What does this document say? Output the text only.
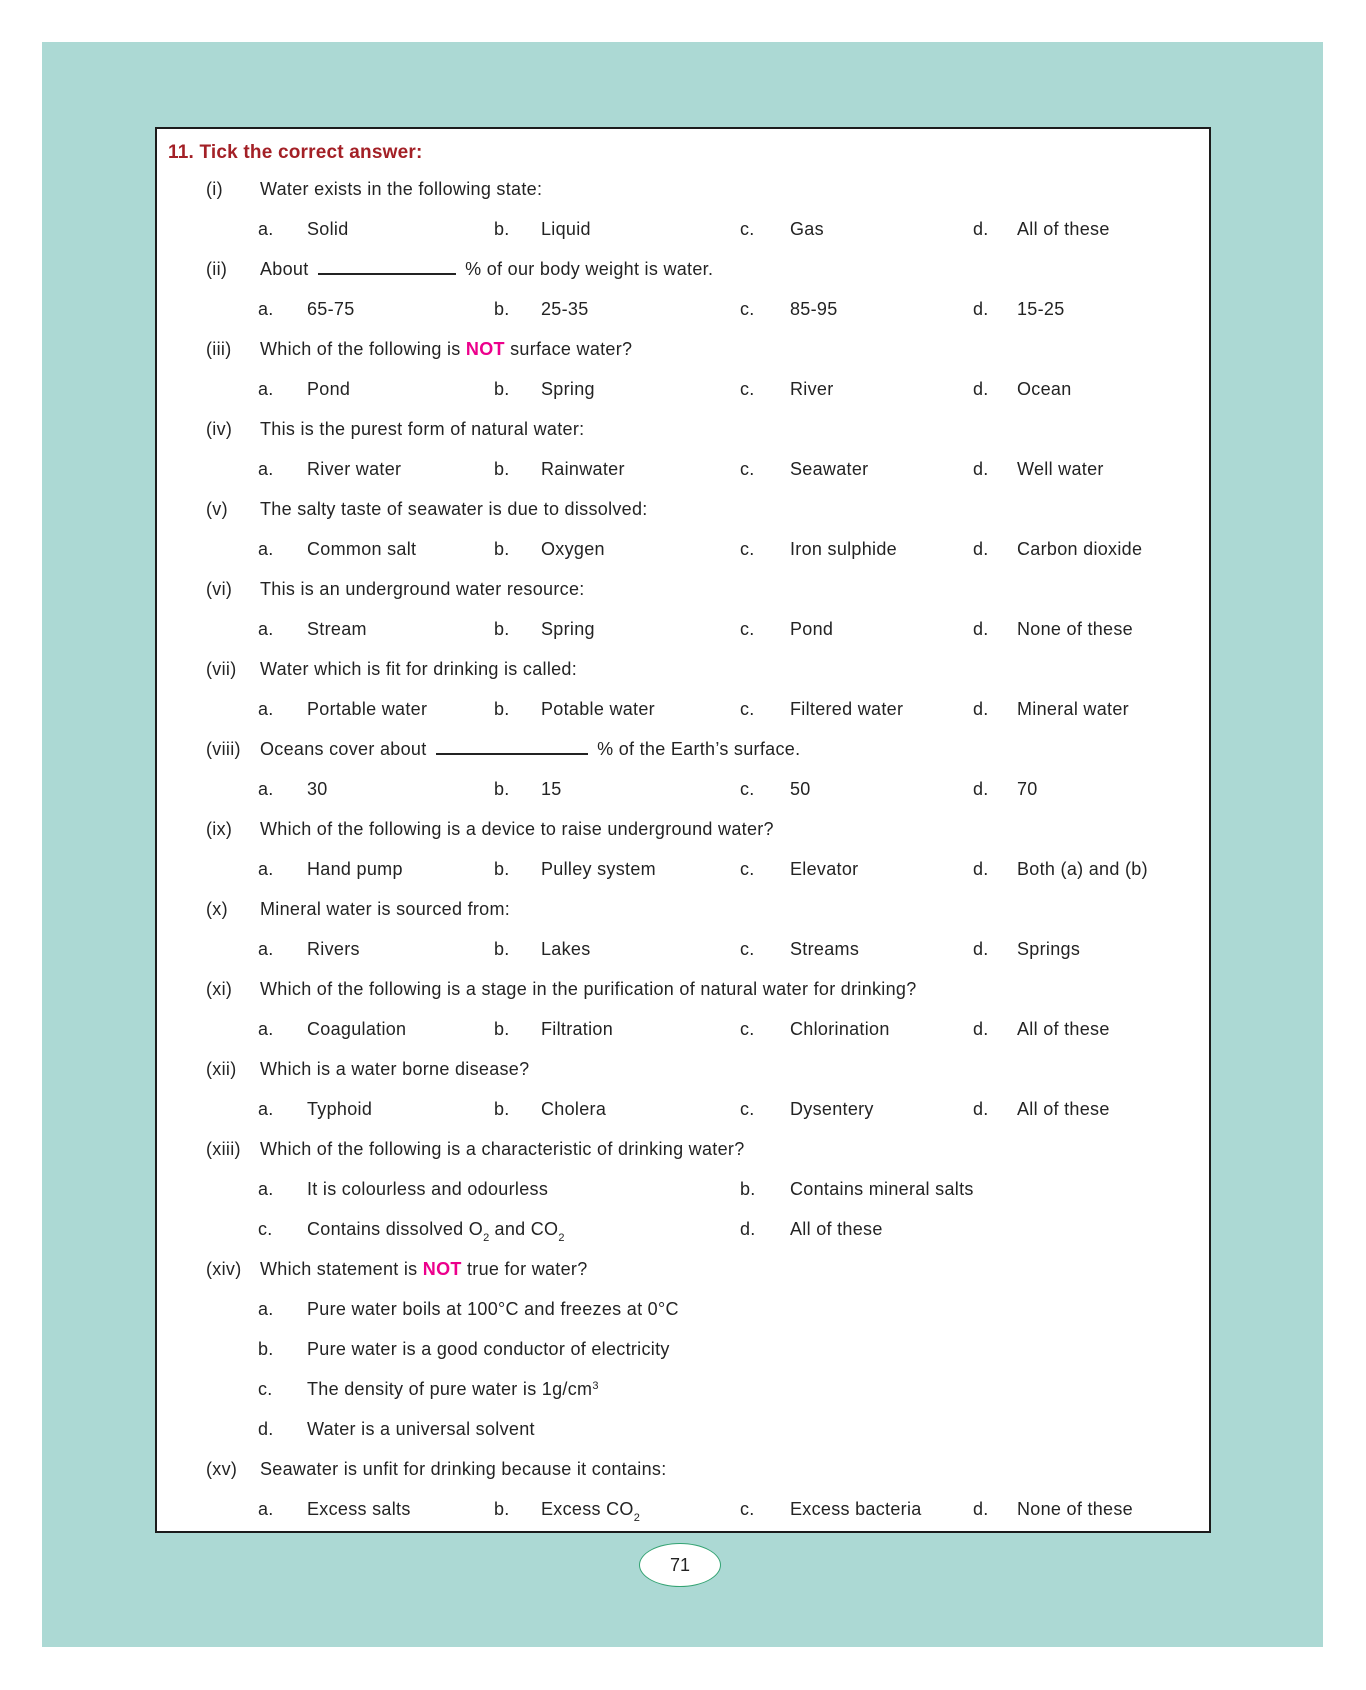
11. Tick the correct answer:
(i)	Water exists in the following state:
a.	Solid	b.	Liquid	c.	Gas	d.	All of these
(ii)	About	% of our body weight is water.
a.	65-75	b.	25-35	c.	85-95	d.	15-25
(iii)	Which of the following is NOT surface water?
a.	Pond	b.	Spring	c.	River	d.	Ocean
(iv)	This is the purest form of natural water:
a.	River water	b.	Rainwater	c.	Seawater	d.	Well water
(v)	The salty taste of seawater is due to dissolved:
a.	Common salt	b.	Oxygen	c.	Iron sulphide	d.	Carbon dioxide
(vi)	This is an underground water resource:
a.	Stream	b.	Spring	c.	Pond	d.	None of these
(vii)	Water which is fit for drinking is called:
a.	Portable water	b.	Potable water	c.	Filtered water	d.	Mineral water
(viii)	Oceans cover about	% of the Earth’s surface.
a.	30	b.	15	c.	50	d.	70
(ix)	Which of the following is a device to raise underground water?
a.	Hand pump	b.	Pulley system	c.	Elevator	d.	Both (a) and (b)
(x)	Mineral water is sourced from:
a.	Rivers	b.	Lakes	c.	Streams	d.	Springs
(xi)	Which of the following is a stage in the purification of natural water for drinking?
a.	Coagulation	b.	Filtration	c.	Chlorination	d.	All of these
(xii)	Which is a water borne disease?
a.	Typhoid	b.	Cholera	c.	Dysentery	d.	All of these
(xiii)	Which of the following is a characteristic of drinking water?
a.	It is colourless and odourless	b.	Contains mineral salts
c.	Contains dissolved $O_2$ and $CO_2$	d.	All of these
(xiv)	Which statement is NOT true for water?
a.	Pure water boils at 100°C and freezes at 0°C
b.	Pure water is a good conductor of electricity
c.	The density of pure water is $1g/cm^3$
d.	Water is a universal solvent
(xv)	Seawater is unfit for drinking because it contains:
a.	Excess salts	b.	Excess $CO_2$	c.	Excess bacteria	d.	None of these
71
